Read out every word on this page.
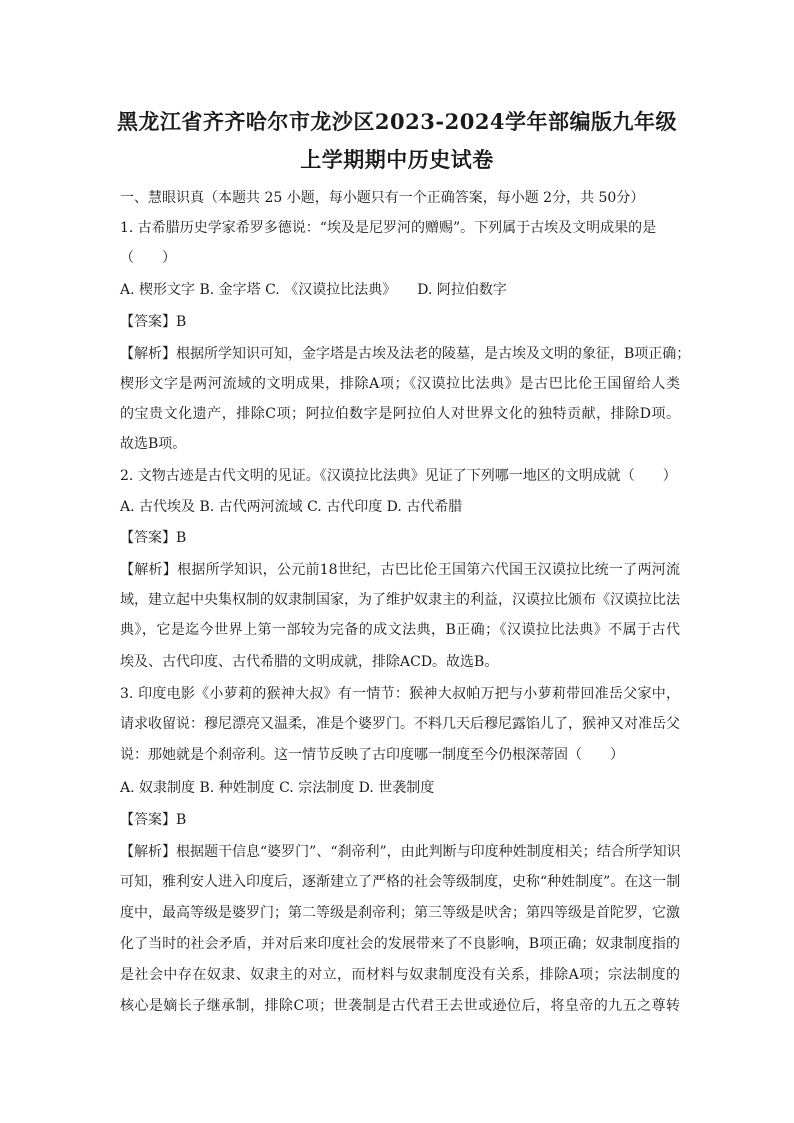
黑龙江省齐齐哈尔市龙沙区2023-2024学年部编版九年级
上学期期中历史试卷
一、慧眼识真（本题共 25 小题，每小题只有一个正确答案，每小题 2分，共 50分）
1. 古希腊历史学家希罗多德说：“埃及是尼罗河的赠赐”。下列属于古埃及文明成果的是
（　　）
A. 楔形文字 B. 金字塔 C. 《汉谟拉比法典》　　D. 阿拉伯数字
【答案】B
【解析】根据所学知识可知，金字塔是古埃及法老的陵墓，是古埃及文明的象征，B项正确；
楔形文字是两河流域的文明成果，排除A项；《汉谟拉比法典》是古巴比伦王国留给人类
的宝贵文化遗产，排除C项；阿拉伯数字是阿拉伯人对世界文化的独特贡献，排除D项。
故选B项。
2. 文物古迹是古代文明的见证。《汉谟拉比法典》见证了下列哪一地区的文明成就（　　）
A. 古代埃及 B. 古代两河流域 C. 古代印度 D. 古代希腊
【答案】B
【解析】根据所学知识，公元前18世纪，古巴比伦王国第六代国王汉谟拉比统一了两河流
域，建立起中央集权制的奴隶制国家，为了维护奴隶主的利益，汉谟拉比颁布《汉谟拉比法
典》，它是迄今世界上第一部较为完备的成文法典，B正确；《汉谟拉比法典》不属于古代
埃及、古代印度、古代希腊的文明成就，排除ACD。故选B。
3. 印度电影《小萝莉的猴神大叔》有一情节：猴神大叔帕万把与小萝莉带回准岳父家中，
请求收留说：穆尼漂亮又温柔，准是个婆罗门。不料几天后穆尼露馅儿了，猴神又对准岳父
说：那她就是个刹帝利。这一情节反映了古印度哪一制度至今仍根深蒂固（　　）
A. 奴隶制度 B. 种姓制度 C. 宗法制度 D. 世袭制度
【答案】B
【解析】根据题干信息“婆罗门”、“刹帝利”，由此判断与印度种姓制度相关；结合所学知识
可知，雅利安人进入印度后，逐渐建立了严格的社会等级制度，史称“种姓制度”。在这一制
度中，最高等级是婆罗门；第二等级是刹帝利；第三等级是吠舍；第四等级是首陀罗，它激
化了当时的社会矛盾，并对后来印度社会的发展带来了不良影响，B项正确；奴隶制度指的
是社会中存在奴隶、奴隶主的对立，而材料与奴隶制度没有关系，排除A项；宗法制度的
核心是嫡长子继承制，排除C项；世袭制是古代君王去世或逊位后，将皇帝的九五之尊转
